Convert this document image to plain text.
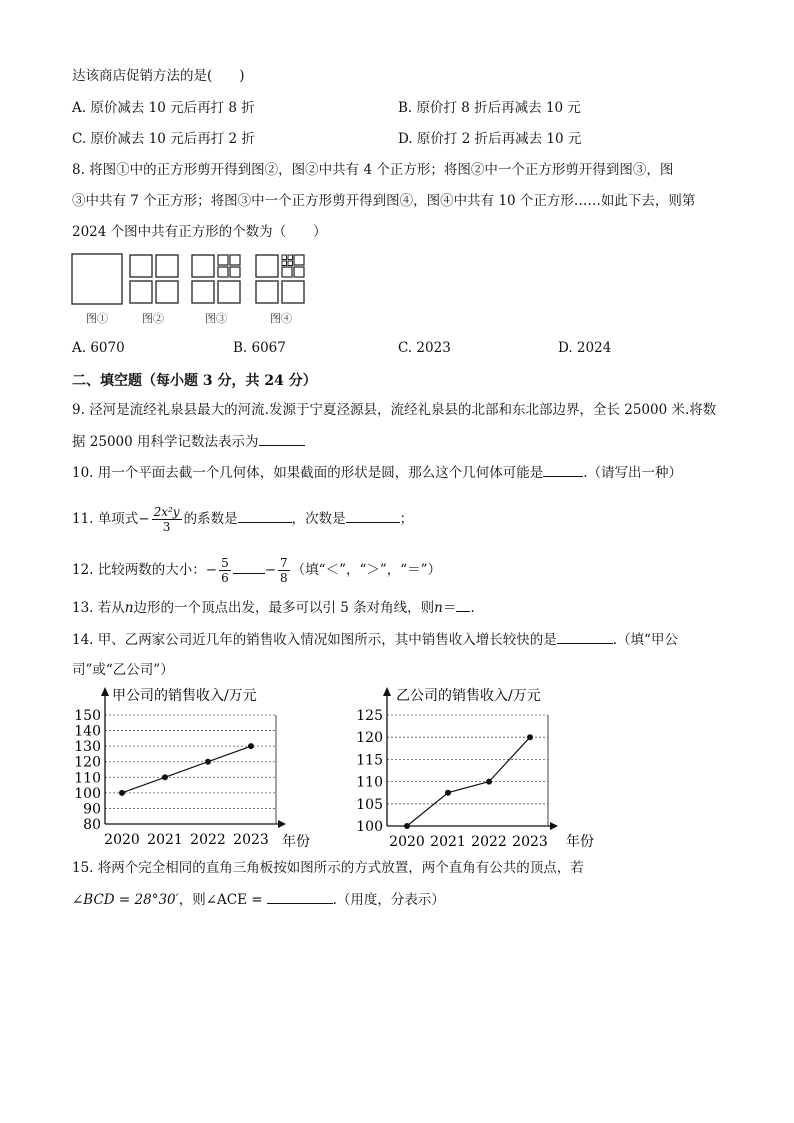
达该商店促销方法的是(　　)
A. 原价减去 10 元后再打 8 折	B. 原价打 8 折后再减去 10 元
C. 原价减去 10 元后再打 2 折	D. 原价打 2 折后再减去 10 元
8. 将图①中的正方形剪开得到图②，图②中共有 4 个正方形；将图②中一个正方形剪开得到图③，图
③中共有 7 个正方形；将图③中一个正方形剪开得到图④，图④中共有 10 个正方形……如此下去，则第
2024 个图中共有正方形的个数为（　　）
图①	图②	图③	图④
A. 6070	B. 6067	C. 2023	D. 2024
二、填空题（每小题 3 分，共 24 分）
9. 泾河是流经礼泉县最大的河流.发源于宁夏泾源县，流经礼泉县的北部和东北部边界，全长 25000 米.将数
据 25000 用科学记数法表示为
10. 用一个平面去截一个几何体，如果截面的形状是圆，那么这个几何体可能是	.（请写出一种）
11. 单项式− $\frac{\text{2x²y}}{3}$ 的系数是	，次数是	；
12. 比较两数的大小：− $\frac{5}{6}$	− $\frac{7}{8}$ （填“＜”，“＞”，“＝”）
13. 若从n边形的一个顶点出发，最多可以引 5 条对角线，则n＝ .
14. 甲、乙两家公司近几年的销售收入情况如图所示，其中销售收入增长较快的是	.（填“甲公
司”或“乙公司”）
甲公司的销售收入/万元
80
90
100
110
120
130
140
150
2020 2021 2022 2023 年份
乙公司的销售收入/万元
100
105
110
115
120
125
2020 2021 2022 2023 年份
15. 将两个完全相同的直角三角板按如图所示的方式放置，两个直角有公共的顶点，若
∠BCD = 28°30′，则∠ACE =	.（用度，分表示）
